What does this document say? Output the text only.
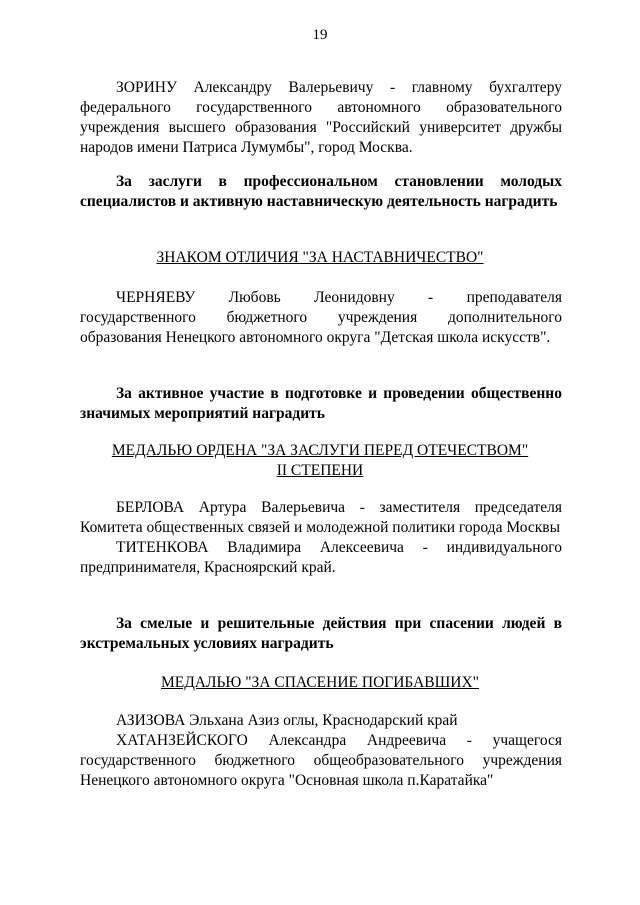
19

ЗОРИНУ Александру Валерьевичу - главному бухгалтеру федерального государственного автономного образовательного учреждения высшего образования "Российский университет дружбы народов имени Патриса Лумумбы", город Москва.

За заслуги в профессиональном становлении молодых специалистов и активную наставническую деятельность наградить

ЗНАКОМ ОТЛИЧИЯ "ЗА НАСТАВНИЧЕСТВО"

ЧЕРНЯЕВУ Любовь Леонидовну - преподавателя государственного бюджетного учреждения дополнительного образования Ненецкого автономного округа "Детская школа искусств".

За активное участие в подготовке и проведении общественно значимых мероприятий наградить

МЕДАЛЬЮ ОРДЕНА "ЗА ЗАСЛУГИ ПЕРЕД ОТЕЧЕСТВОМ"

II СТЕПЕНИ

БЕРЛОВА Артура Валерьевича - заместителя председателя Комитета общественных связей и молодежной политики города Москвы

ТИТЕНКОВА Владимира Алексеевича - индивидуального предпринимателя, Красноярский край.

За смелые и решительные действия при спасении людей в экстремальных условиях наградить

МЕДАЛЬЮ "ЗА СПАСЕНИЕ ПОГИБАВШИХ"

АЗИЗОВА Эльхана Азиз оглы, Краснодарский край

ХАТАНЗЕЙСКОГО Александра Андреевича - учащегося государственного бюджетного общеобразовательного учреждения Ненецкого автономного округа "Основная школа п.Каратайка"
